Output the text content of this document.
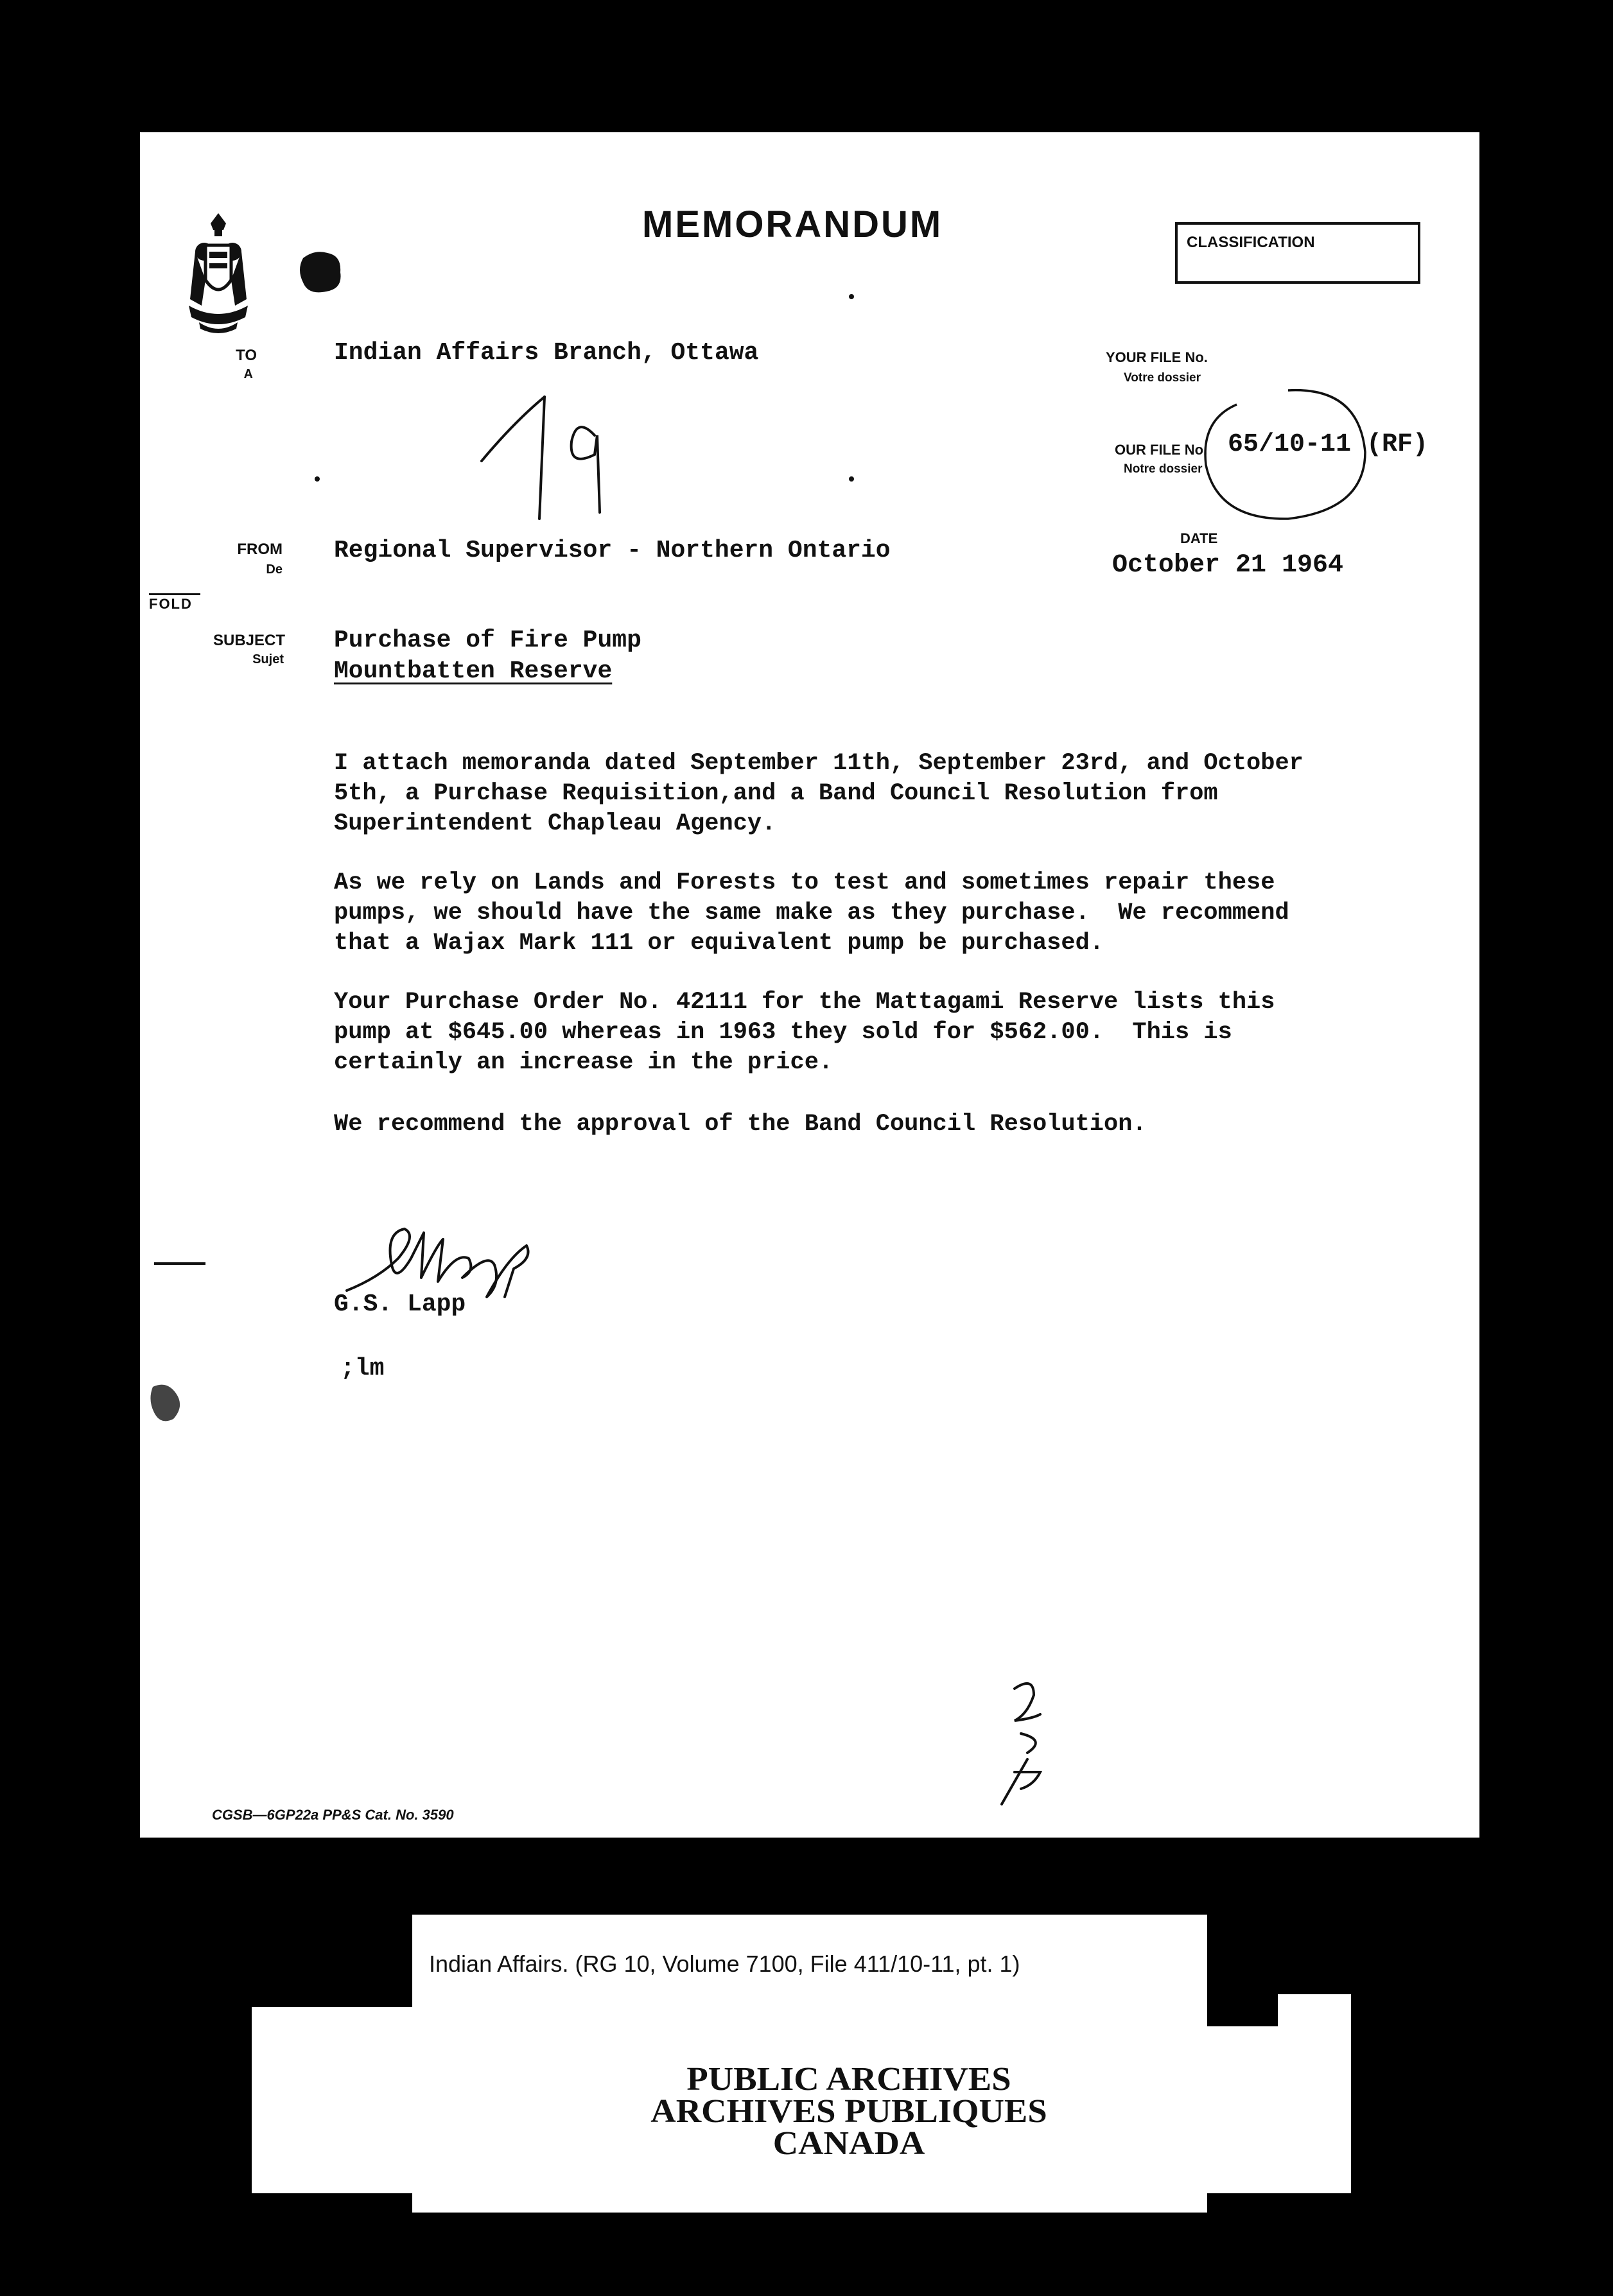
MEMORANDUM	CLASSIFICATION
TO
A
Indian Affairs Branch, Ottawa	YOUR FILE No.
Votre dossier
19
OUR FILE No.
Notre dossier
65/10-11 (RF)
FROM
De
Regional Supervisor - Northern Ontario	DATE
October 21 1964
FOLD
SUBJECT
Sujet
Purchase of Fire Pump
Mountbatten Reserve
I attach memoranda dated September 11th, September 23rd, and October
5th, a Purchase Requisition,and a Band Council Resolution from
Superintendent Chapleau Agency.
As we rely on Lands and Forests to test and sometimes repair these
pumps, we should have the same make as they purchase.  We recommend
that a Wajax Mark 111 or equivalent pump be purchased.
Your Purchase Order No. 42111 for the Mattagami Reserve lists this
pump at $645.00 whereas in 1963 they sold for $562.00.  This is
certainly an increase in the price.
We recommend the approval of the Band Council Resolution.
G.S. Lapp
;lm
CGSB—6GP22a PP&S Cat. No. 3590
Indian Affairs. (RG 10, Volume 7100, File 411/10-11, pt. 1)
PUBLIC ARCHIVES
ARCHIVES PUBLIQUES
CANADA
